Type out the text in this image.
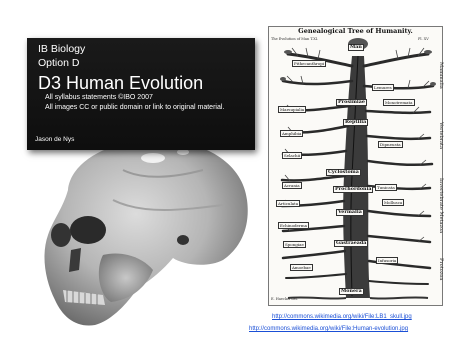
IB Biology
Option D
D3 Human Evolution
All syllabus statements ©IBO 2007
All images CC or public domain or link to original material.
Jason de Nys
Genealogical Tree of Humanity.
The Evolution of Man T.XI.	Pl. XV
Man
Pithecanthropi
Lemures
Prosimiae	Monotremata
Marsupialia
Reptilia
Amphibia
Dipneusta
Selachii
Cyclostoma
Acrania
Prochordonia	Tunicata
Articulata
Vermalia
Mollusca
Echinoderma
Spongiae	Gastraeada
Infusoria
Amoebae
Monera
Mammalia
Vertebrata
Invertebrate Metazoa
Protozoa
E. Haeckel del.
http://commons.wikimedia.org/wiki/File:LB1_skull.jpg
http://commons.wikimedia.org/wiki/File:Human-evolution.jpg
